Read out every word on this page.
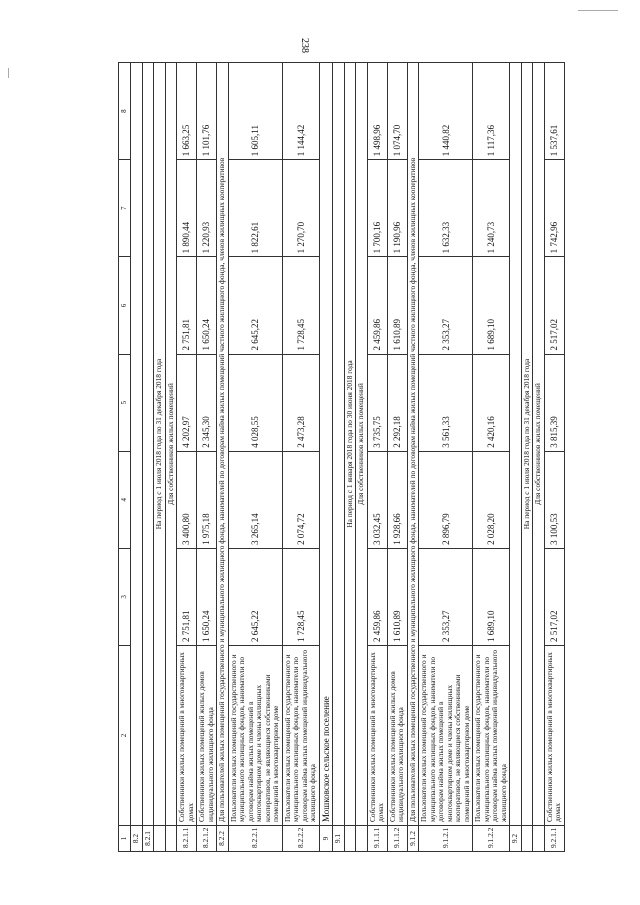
238
1	2	3	4	5	6	7	8
8.2							
8.2.1							
	На период с 1 июля 2018 года по 31 декабря 2018 года						
	Для собственников жилых помещений						
8.2.1.1	Собственники жилых помещений в многоквартирных домах	2 751,81	3 400,80	4 202,97	2 751,81	1 890,44	1 663,25
8.2.1.2	Собственники жилых помещений жилых домов индивидуального жилищного фонда	1 650,24	1 975,18	2 345,30	1 650,24	1 220,93	1 101,76
8.2.2	Для пользователей жилых помещений государственного и муниципального жилищного фонда, нанимателей по договорам найма жилых помещений частного жилищного фонда, членов жилищных кооперативов						
8.2.2.1	Пользователи жилых помещений государственного и муниципального жилищных фондов, наниматели по договорам найма жилых помещений в многоквартирном доме и члены жилищных кооперативов, не являющиеся собственниками помещений в многоквартирном доме	2 645,22	3 265,14	4 028,55	2 645,22	1 822,61	1 605,11
8.2.2.2	Пользователи жилых помещений государственного и муниципального жилищных фондов, наниматели по договорам найма жилых помещений индивидуального жилищного фонда	1 728,45	2 074,72	2 473,28	1 728,45	1 270,70	1 144,42
9	Мошковское сельское поселение						
9.1							
	На период с 1 января 2018 года по 30 июня 2018 года						
	Для собственников жилых помещений						
9.1.1.1	Собственники жилых помещений в многоквартирных домах	2 459,86	3 032,45	3 735,75	2 459,86	1 700,16	1 498,96
9.1.1.2	Собственники жилых помещений жилых домов индивидуального жилищного фонда	1 610,89	1 928,66	2 292,18	1 610,89	1 190,96	1 074,70
9.1.2	Для пользователей жилых помещений государственного и муниципального жилищного фонда, нанимателей по договорам найма жилых помещений частного жилищного фонда, членов жилищных кооперативов						
9.1.2.1	Пользователи жилых помещений государственного и муниципального жилищных фондов, наниматели по договорам найма жилых помещений в многоквартирном доме и члены жилищных кооперативов, не являющиеся собственниками помещений в многоквартирном доме	2 353,27	2 896,79	3 561,33	2 353,27	1 632,33	1 440,82
9.1.2.2	Пользователи жилых помещений государственного и муниципального жилищных фондов, наниматели по договорам найма жилых помещений индивидуального жилищного фонда	1 689,10	2 028,20	2 420,16	1 689,10	1 240,73	1 117,36
9.2							
	На период с 1 июля 2018 года по 31 декабря 2018 года						
	Для собственников жилых помещений						
9.2.1.1	Собственники жилых помещений в многоквартирных домах	2 517,02	3 100,53	3 815,39	2 517,02	1 742,96	1 537,61
